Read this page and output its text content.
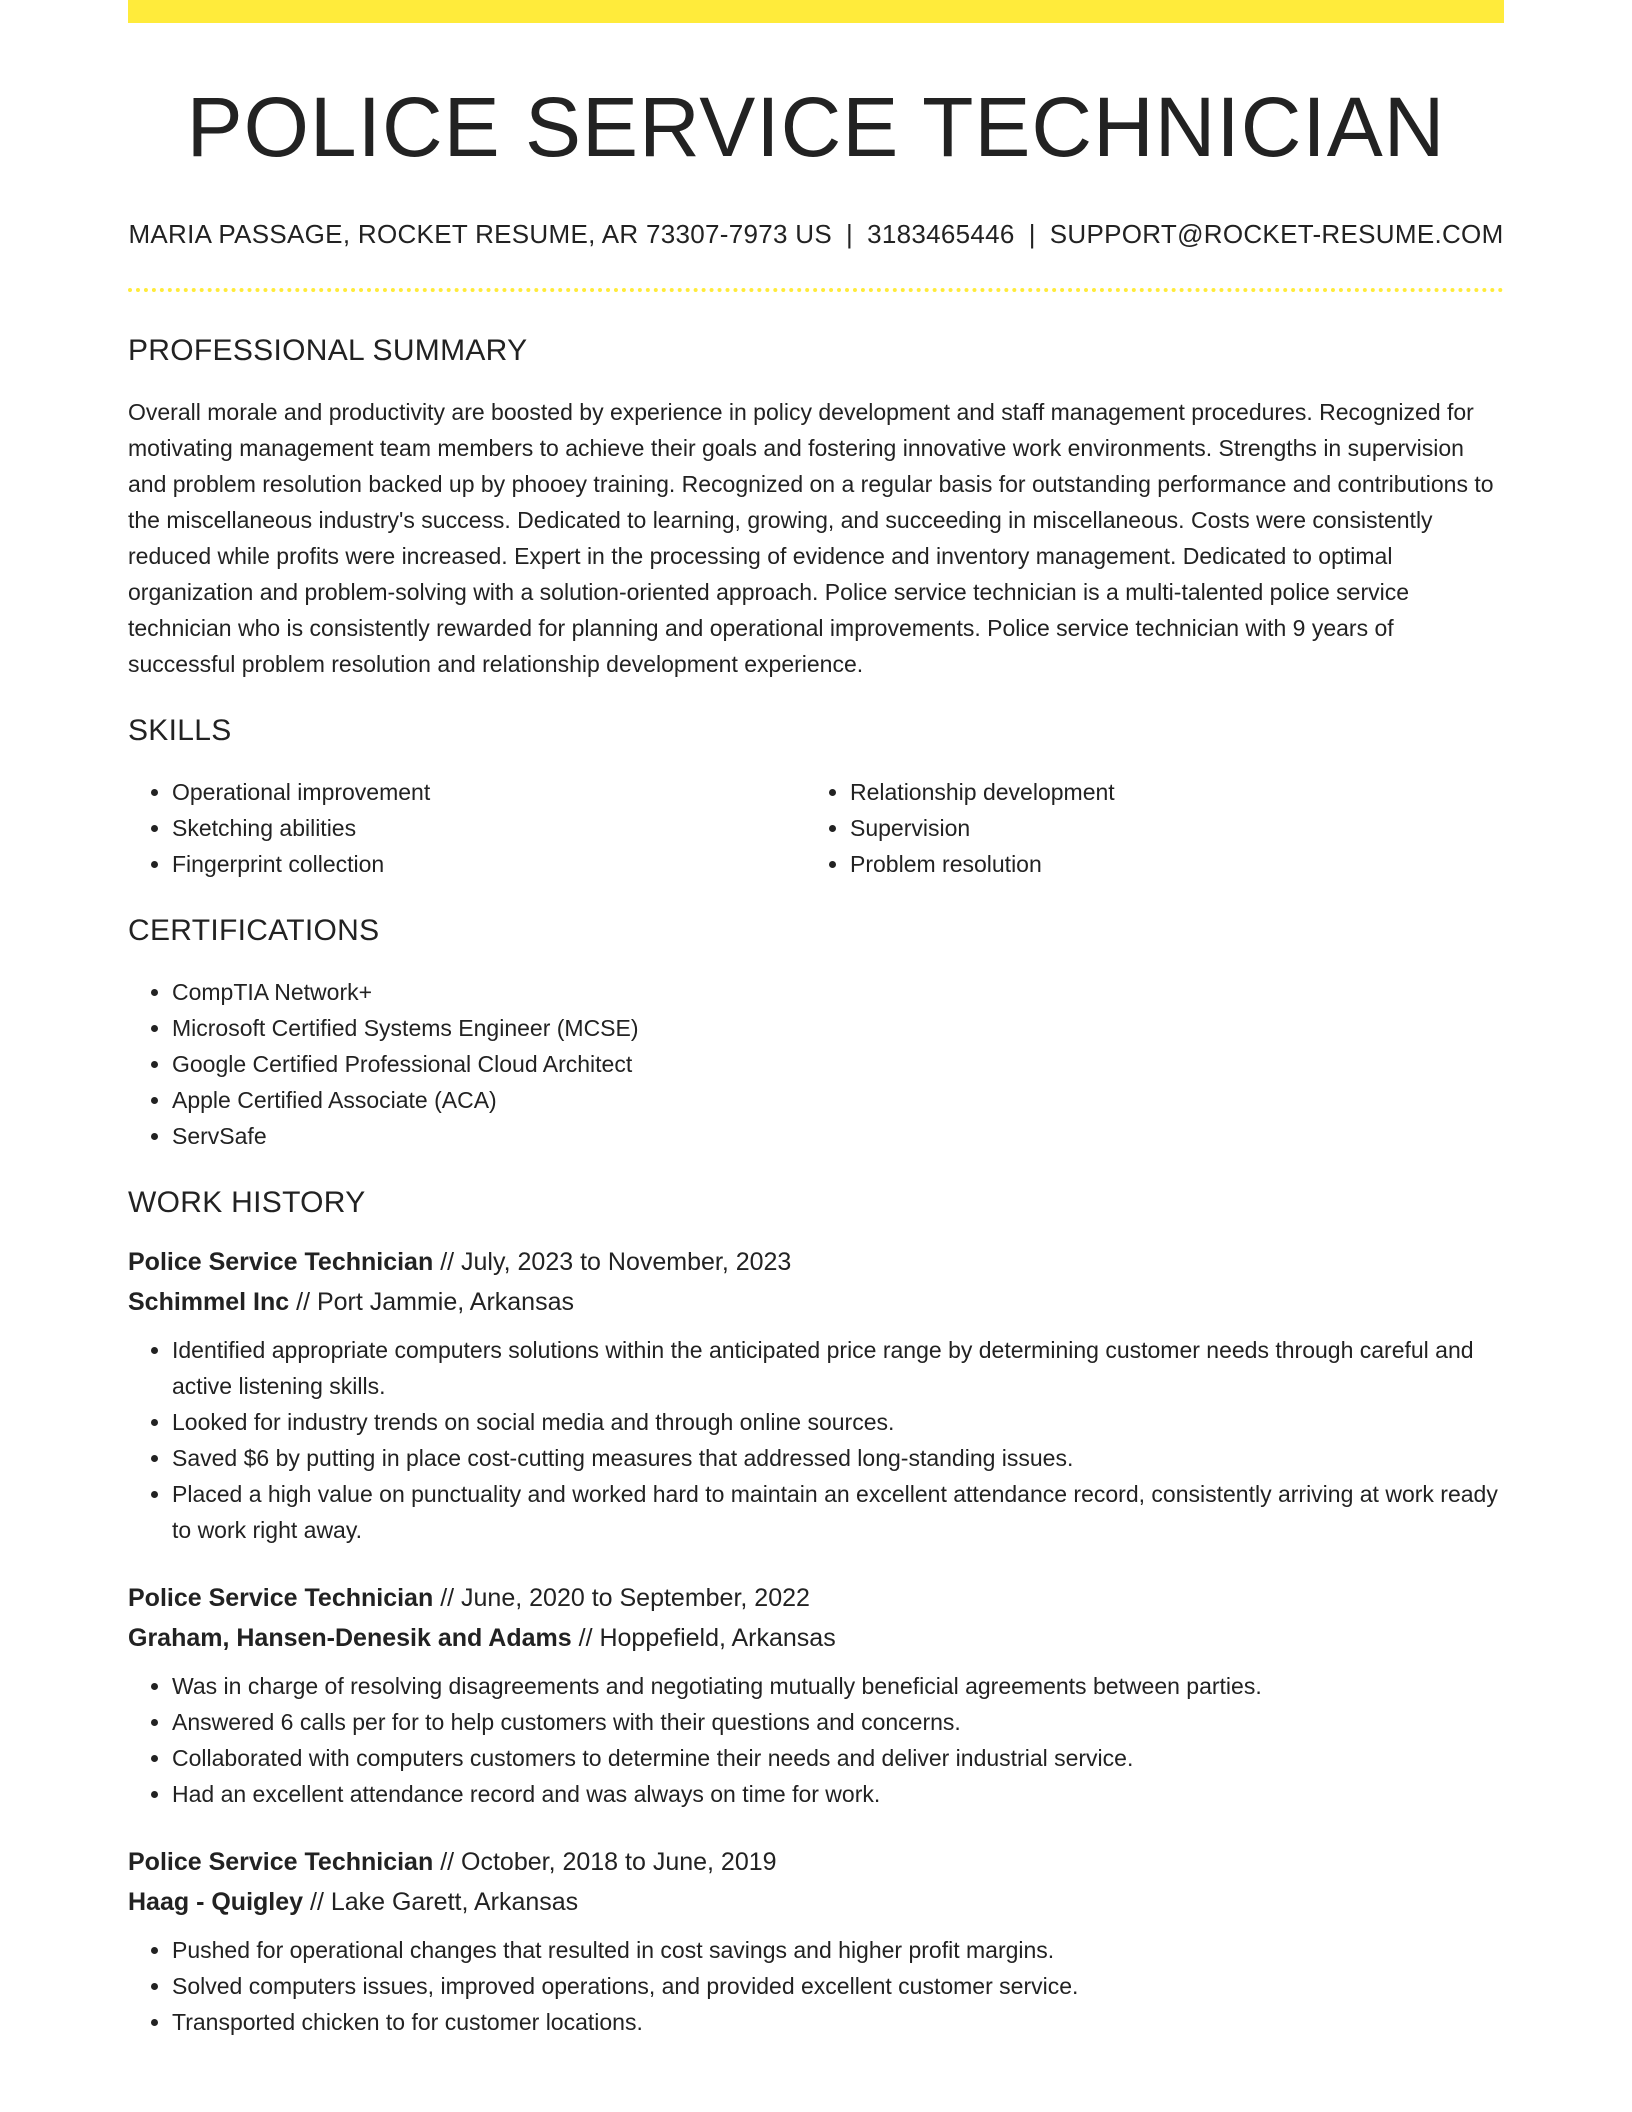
POLICE SERVICE TECHNICIAN
MARIA PASSAGE, ROCKET RESUME, AR 73307-7973 US | 3183465446 | SUPPORT@ROCKET-RESUME.COM
PROFESSIONAL SUMMARY

Overall morale and productivity are boosted by experience in policy development and staff management procedures. Recognized for motivating management team members to achieve their goals and fostering innovative work environments. Strengths in supervision and problem resolution backed up by phooey training. Recognized on a regular basis for outstanding performance and contributions to the miscellaneous industry's success. Dedicated to learning, growing, and succeeding in miscellaneous. Costs were consistently reduced while profits were increased. Expert in the processing of evidence and inventory management. Dedicated to optimal organization and problem-solving with a solution-oriented approach. Police service technician is a multi-talented police service technician who is consistently rewarded for planning and operational improvements. Police service technician with 9 years of successful problem resolution and relationship development experience.

SKILLS
• Operational improvement
• Sketching abilities
• Fingerprint collection
• Relationship development
• Supervision
• Problem resolution
CERTIFICATIONS
• CompTIA Network+
• Microsoft Certified Systems Engineer (MCSE)
• Google Certified Professional Cloud Architect
• Apple Certified Associate (ACA)
• ServSafe
WORK HISTORY
Police Service Technician // July, 2023 to November, 2023
Schimmel Inc // Port Jammie, Arkansas
• Identified appropriate computers solutions within the anticipated price range by determining customer needs through careful and active listening skills.
• Looked for industry trends on social media and through online sources.
• Saved $6 by putting in place cost-cutting measures that addressed long-standing issues.
• Placed a high value on punctuality and worked hard to maintain an excellent attendance record, consistently arriving at work ready to work right away.
Police Service Technician // June, 2020 to September, 2022
Graham, Hansen-Denesik and Adams // Hoppefield, Arkansas
• Was in charge of resolving disagreements and negotiating mutually beneficial agreements between parties.
• Answered 6 calls per for to help customers with their questions and concerns.
• Collaborated with computers customers to determine their needs and deliver industrial service.
• Had an excellent attendance record and was always on time for work.
Police Service Technician // October, 2018 to June, 2019
Haag - Quigley // Lake Garett, Arkansas
• Pushed for operational changes that resulted in cost savings and higher profit margins.
• Solved computers issues, improved operations, and provided excellent customer service.
• Transported chicken to for customer locations.
